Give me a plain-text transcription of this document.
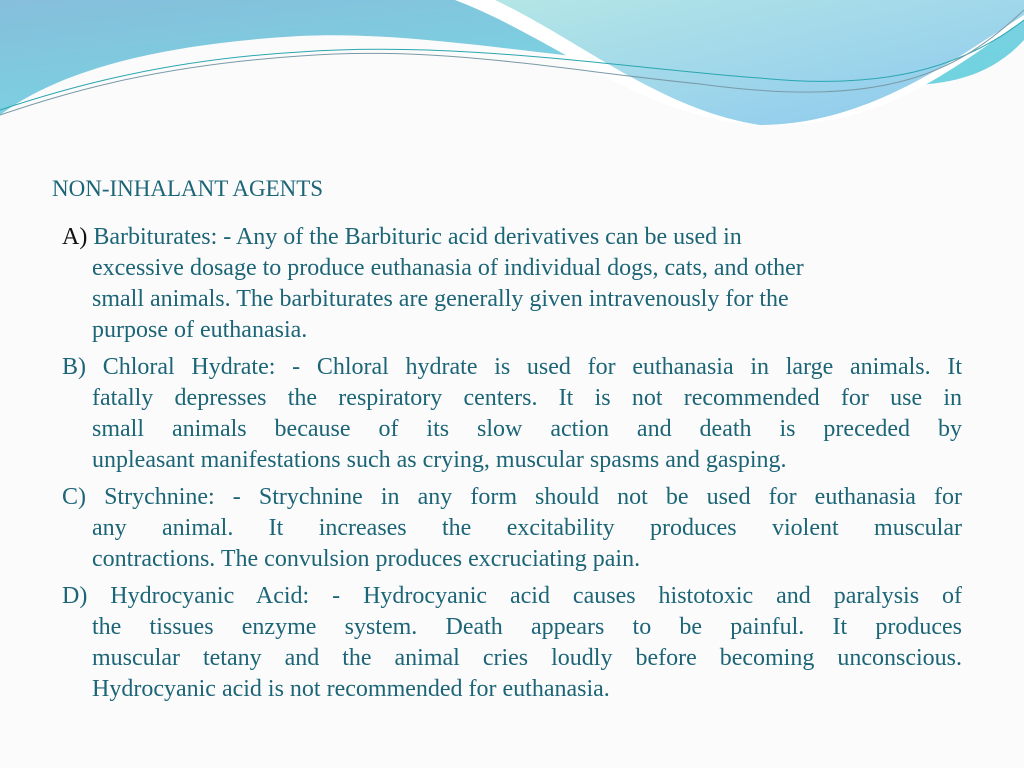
NON-INHALANT AGENTS
A) Barbiturates: - Any of the Barbituric acid derivatives can be used in
excessive dosage to produce euthanasia of individual dogs, cats, and other
small animals. The barbiturates are generally given intravenously for the
purpose of euthanasia.
B) Chloral Hydrate: - Chloral hydrate is used for euthanasia in large animals. It
fatally depresses the respiratory centers. It is not recommended for use in
small animals because of its slow action and death is preceded by
unpleasant manifestations such as crying, muscular spasms and gasping.
C) Strychnine: - Strychnine in any form should not be used for euthanasia for
any animal. It increases the excitability produces violent muscular
contractions. The convulsion produces excruciating pain.
D) Hydrocyanic Acid: - Hydrocyanic acid causes histotoxic and paralysis of
the tissues enzyme system. Death appears to be painful. It produces
muscular tetany and the animal cries loudly before becoming unconscious.
Hydrocyanic acid is not recommended for euthanasia.
